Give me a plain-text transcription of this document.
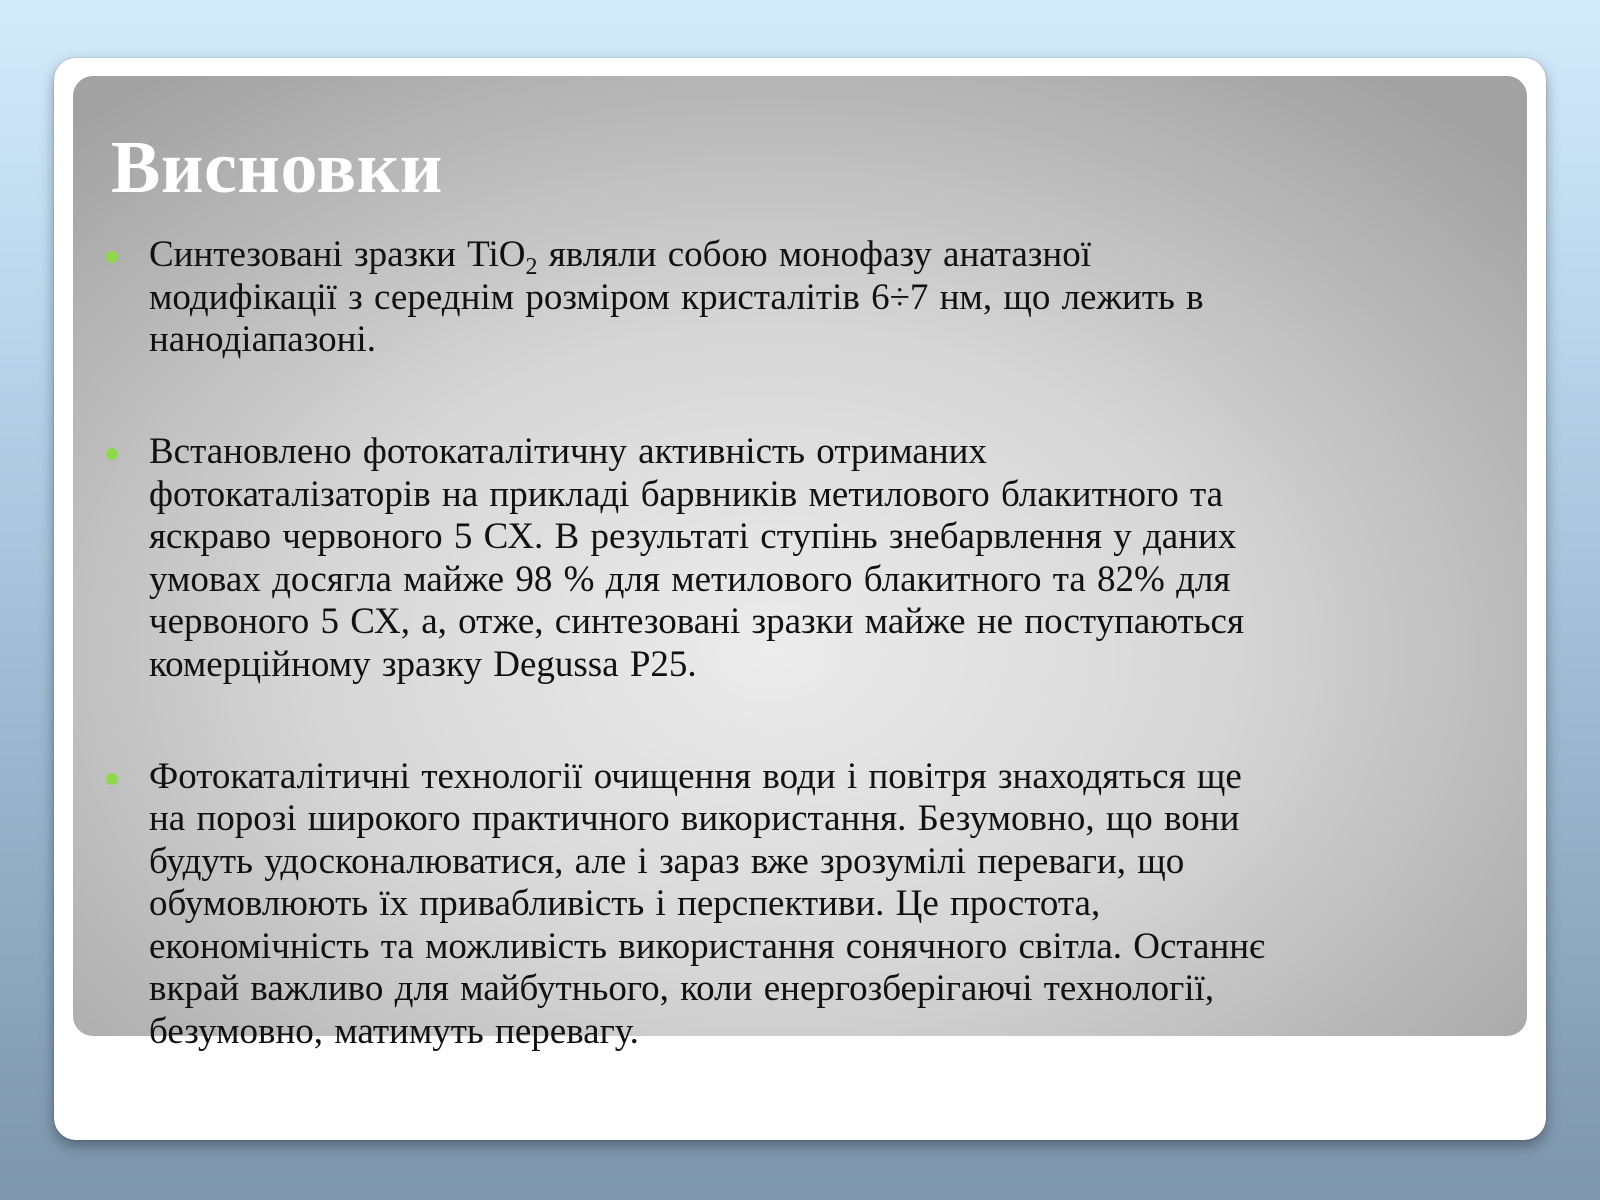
Висновки
Синтезовані зразки TiO$_2$ являли собою монофазу анатазної
модифікації з середнім розміром кристалітів 6÷7 нм, що лежить в
нанодіапазоні.
Встановлено фотокаталітичну активність отриманих
фотокаталізаторів на прикладі барвників метилового блакитного та
яскраво червоного 5 СХ. В результаті ступінь знебарвлення у даних
умовах досягла майже 98 % для метилового блакитного та 82% для
червоного 5 СХ, а, отже, синтезовані зразки майже не поступаються
комерційному зразку Degussa P25.
Фотокаталітичні технології очищення води і повітря знаходяться ще
на порозі широкого практичного використання. Безумовно, що вони
будуть удосконалюватися, але і зараз вже зрозумілі переваги, що
обумовлюють їх привабливість і перспективи. Це простота,
економічність та можливість використання сонячного світла. Останнє
вкрай важливо для майбутнього, коли енергозберігаючі технології,
безумовно, матимуть перевагу.
